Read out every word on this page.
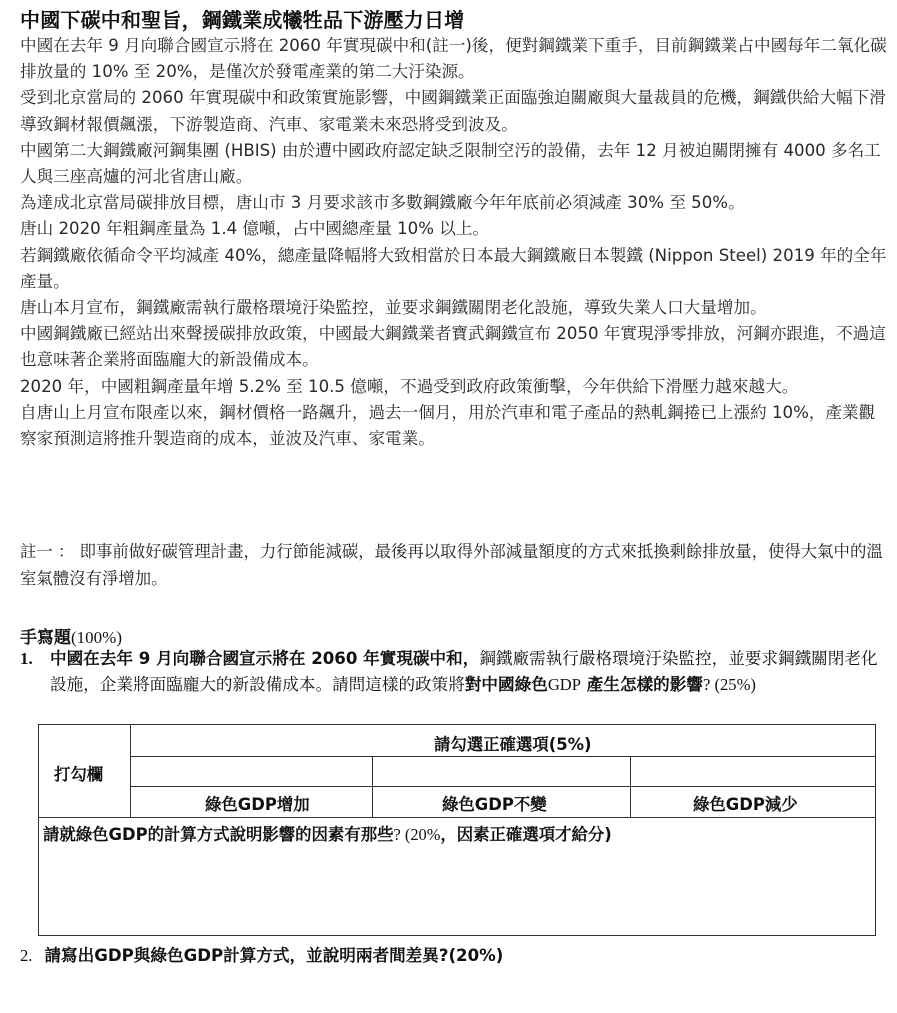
中國下碳中和聖旨，鋼鐵業成犧牲品下游壓力日增

中國在去年 9 月向聯合國宣示將在 2060 年實現碳中和(註一)後，便對鋼鐵業下重手，目前鋼鐵業占中國每年二氧化碳排放量的 10% 至 20%，是僅次於發電產業的第二大汙染源。

受到北京當局的 2060 年實現碳中和政策實施影響，中國鋼鐵業正面臨強迫關廠與大量裁員的危機，鋼鐵供給大幅下滑導致鋼材報價飆漲，下游製造商、汽車、家電業未來恐將受到波及。

中國第二大鋼鐵廠河鋼集團 (HBIS) 由於遭中國政府認定缺乏限制空汚的設備，去年 12 月被迫關閉擁有 4000 多名工人與三座高爐的河北省唐山廠。

為達成北京當局碳排放目標，唐山市 3 月要求該市多數鋼鐵廠今年年底前必須減產 30% 至 50%。

唐山 2020 年粗鋼產量為 1.4 億噸，占中國總產量 10% 以上。

若鋼鐵廠依循命令平均減產 40%，總產量降幅將大致相當於日本最大鋼鐵廠日本製鐵 (Nippon Steel) 2019 年的全年產量。

唐山本月宣布，鋼鐵廠需執行嚴格環境汙染監控，並要求鋼鐵關閉老化設施，導致失業人口大量增加。

中國鋼鐵廠已經站出來聲援碳排放政策，中國最大鋼鐵業者寶武鋼鐵宣布 2050 年實現淨零排放，河鋼亦跟進，不過這也意味著企業將面臨龐大的新設備成本。

2020 年，中國粗鋼產量年增 5.2% 至 10.5 億噸，不過受到政府政策衝擊，今年供給下滑壓力越來越大。

自唐山上月宣布限產以來，鋼材價格一路飆升，過去一個月，用於汽車和電子產品的熱軋鋼捲已上漲約 10%，產業觀察家預測這將推升製造商的成本，並波及汽車、家電業。

註一 ： 即事前做好碳管理計畫，力行節能減碳，最後再以取得外部減量額度的方式來抵換剩餘排放量，使得大氣中的溫室氣體沒有淨增加。
手寫題(100%)
1. 中國在去年 9 月向聯合國宣示將在 2060 年實現碳中和，鋼鐵廠需執行嚴格環境汙染監控，並要求鋼鐵關閉老化設施，企業將面臨龐大的新設備成本。請問這樣的政策將對中國綠色GDP 產生怎樣的影響? (25%)
打勾欄
請勾選正確選項(5%)
綠色GDP增加	綠色GDP不變	綠色GDP減少
請就綠色GDP的計算方式說明影響的因素有那些? (20%，因素正確選項才給分)
2. 請寫出GDP與綠色GDP計算方式，並說明兩者間差異?(20%)
